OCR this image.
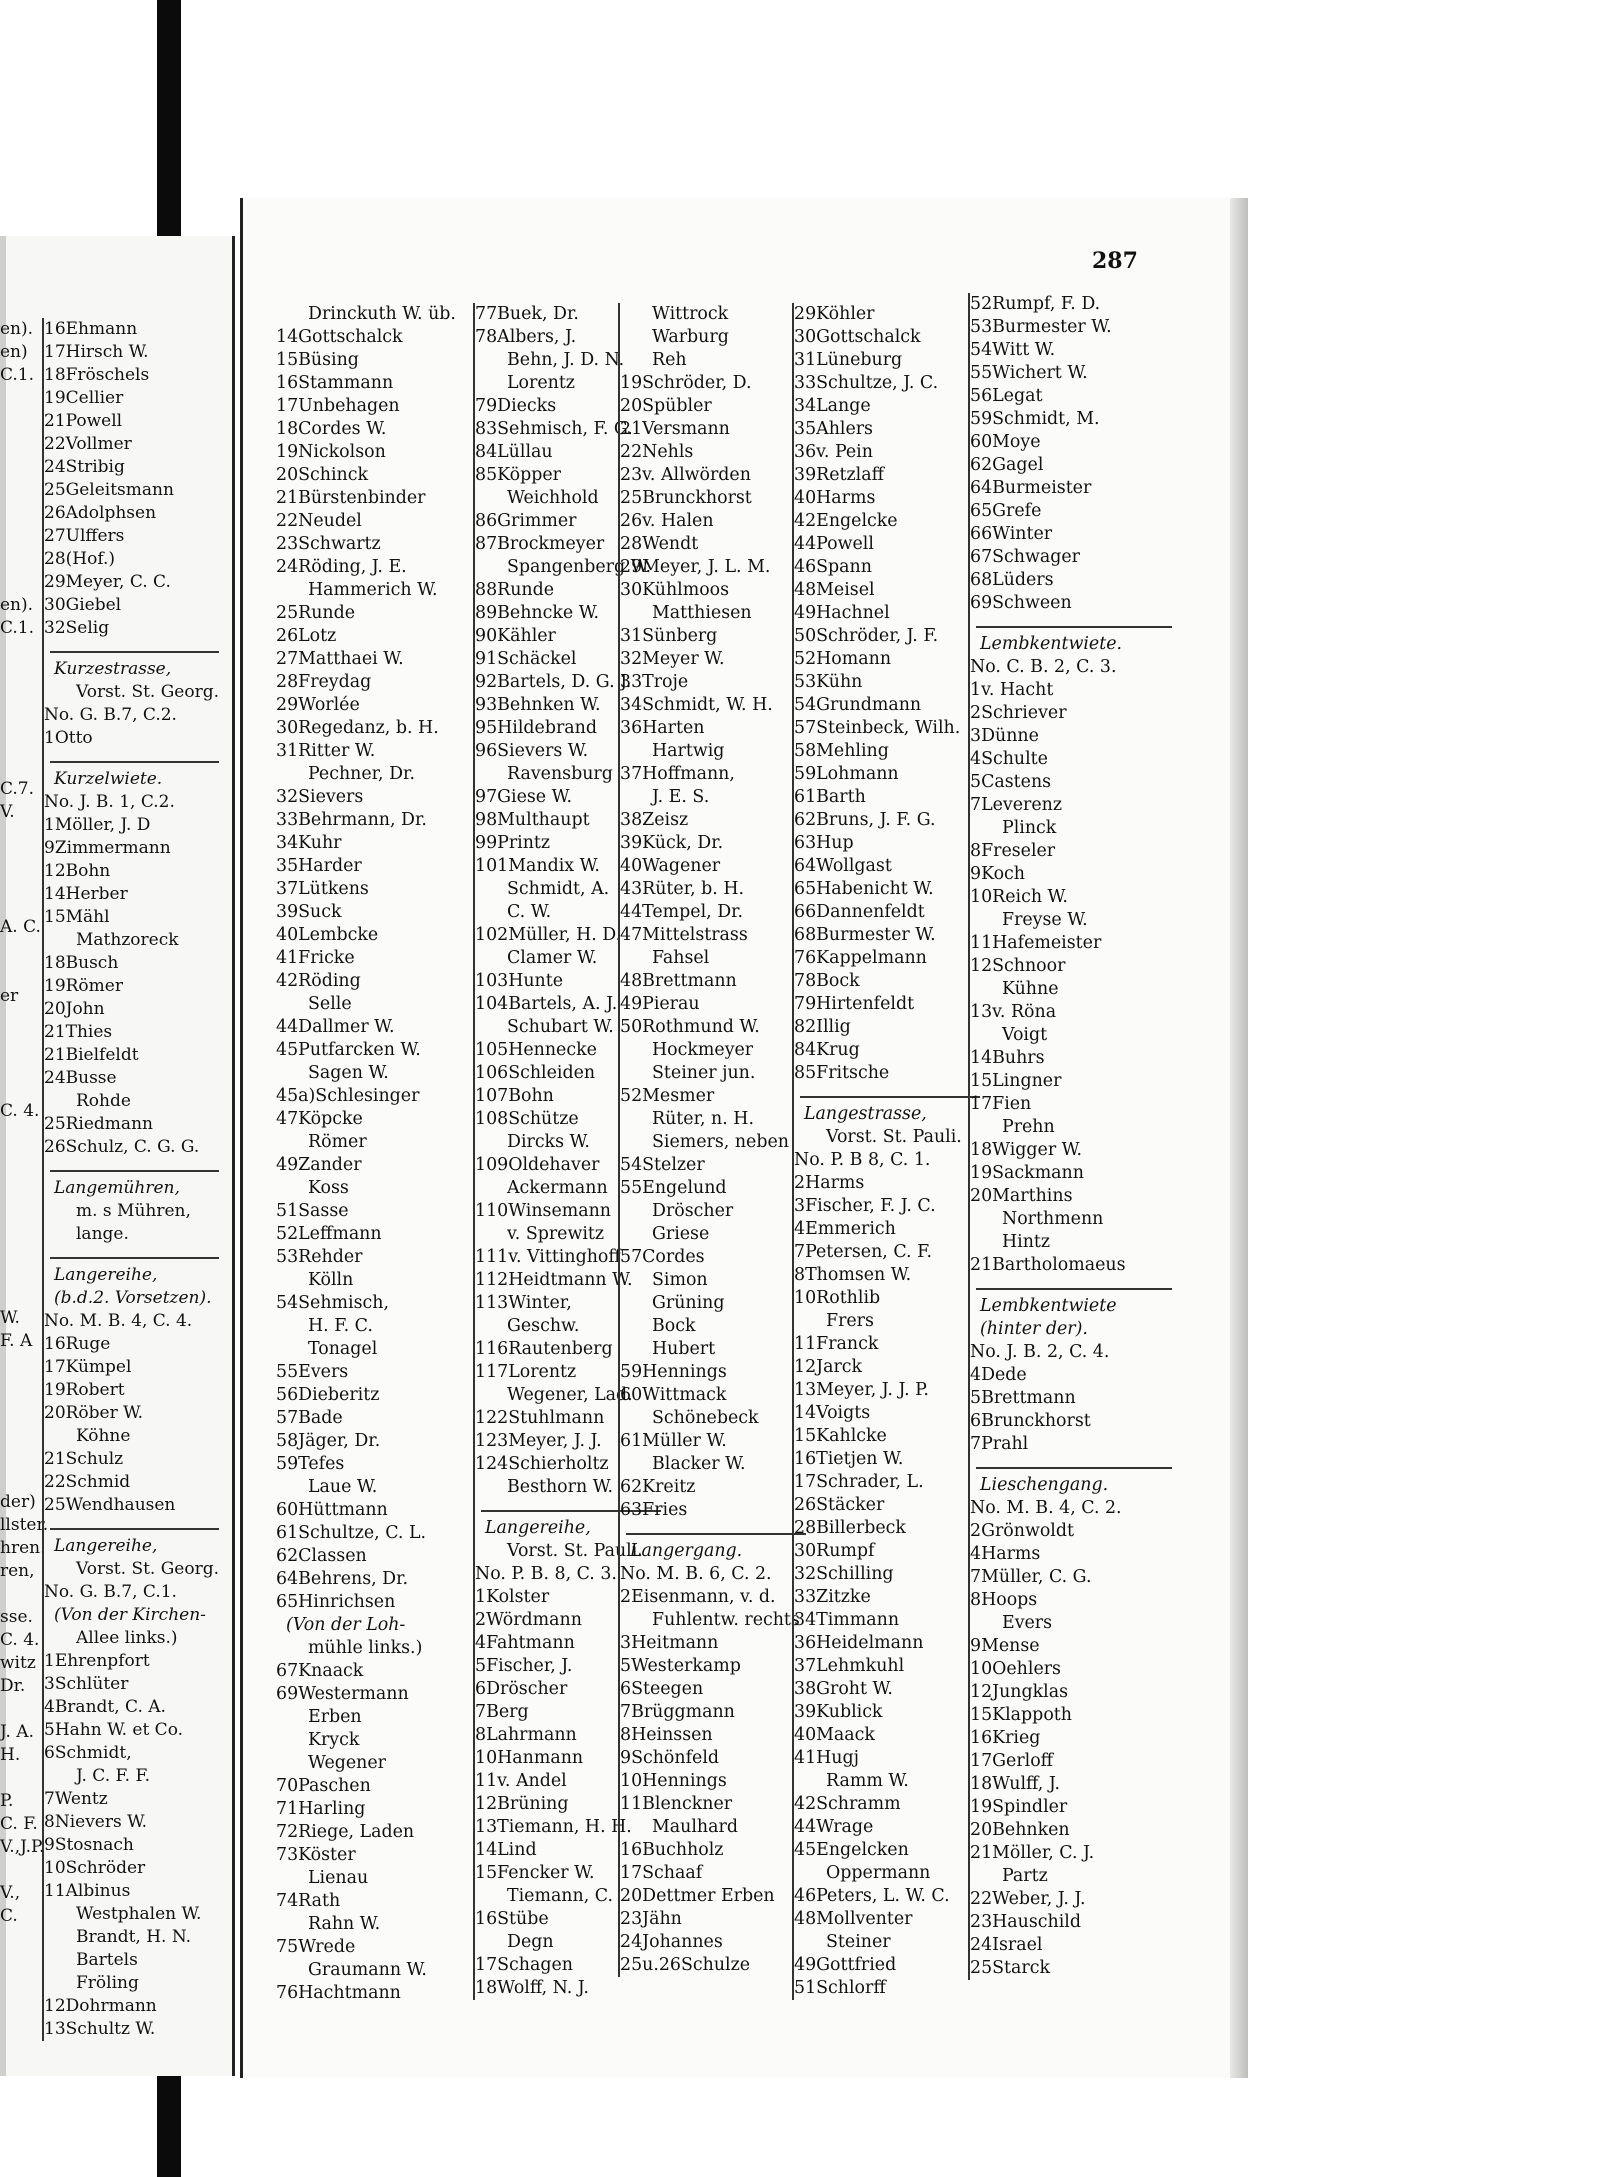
en).
en)
C.1.
en).
C.1.
C.7.
V.
A. C.
er
C. 4.
W.
F. A
der)
llster.
hren.
ren,
sse.
C. 4.
witz
Dr.
J. A.
H.
P.
C. F.
V.,J.P.
V.,
C.
16Ehmann
17Hirsch W.
18Fröschels
19Cellier
21Powell
22Vollmer
24Stribig
25Geleitsmann
26Adolphsen
27Ulffers
28(Hof.)
29Meyer, C. C.
30Giebel
32Selig
Kurzestrasse,
Vorst. St. Georg.
No. G. B.7, C.2.
1Otto
Kurzelwiete.
No. J. B. 1, C.2.
1Möller, J. D
9Zimmermann
12Bohn
14Herber
15Mähl
Mathzoreck
18Busch
19Römer
20John
21Thies
21Bielfeldt
24Busse
Rohde
25Riedmann
26Schulz, C. G. G.
Langemühren,
m. s Mühren,
lange.
Langereihe,
(b.d.2. Vorsetzen).
No. M. B. 4, C. 4.
16Ruge
17Kümpel
19Robert
20Röber W.
Köhne
21Schulz
22Schmid
25Wendhausen
Langereihe,
Vorst. St. Georg.
No. G. B.7, C.1.
(Von der Kirchen-
Allee links.)
1Ehrenpfort
3Schlüter
4Brandt, C. A.
5Hahn W. et Co.
6Schmidt,
J. C. F. F.
7Wentz
8Nievers W.
9Stosnach
10Schröder
11Albinus
Westphalen W.
Brandt, H. N.
Bartels
Fröling
12Dohrmann
13Schultz W.
287
Drinckuth W. üb.
14Gottschalck
15Büsing
16Stammann
17Unbehagen
18Cordes W.
19Nickolson
20Schinck
21Bürstenbinder
22Neudel
23Schwartz
24Röding, J. E.
Hammerich W.
25Runde
26Lotz
27Matthaei W.
28Freydag
29Worlée
30Regedanz, b. H.
31Ritter W.
Pechner, Dr.
32Sievers
33Behrmann, Dr.
34Kuhr
35Harder
37Lütkens
39Suck
40Lembcke
41Fricke
42Röding
Selle
44Dallmer W.
45Putfarcken W.
Sagen W.
45a)Schlesinger
47Köpcke
Römer
49Zander
Koss
51Sasse
52Leffmann
53Rehder
Kölln
54Sehmisch,
H. F. C.
Tonagel
55Evers
56Dieberitz
57Bade
58Jäger, Dr.
59Tefes
Laue W.
60Hüttmann
61Schultze, C. L.
62Classen
64Behrens, Dr.
65Hinrichsen
(Von der Loh-
mühle links.)
67Knaack
69Westermann
Erben
Kryck
Wegener
70Paschen
71Harling
72Riege, Laden
73Köster
Lienau
74Rath
Rahn W.
75Wrede
Graumann W.
76Hachtmann
77Buek, Dr.
78Albers, J.
Behn, J. D. N.
Lorentz
79Diecks
83Sehmisch, F. G.
84Lüllau
85Köpper
Weichhold
86Grimmer
87Brockmeyer
Spangenberg W.
88Runde
89Behncke W.
90Kähler
91Schäckel
92Bartels, D. G. J.
93Behnken W.
95Hildebrand
96Sievers W.
Ravensburg
97Giese W.
98Multhaupt
99Printz
101Mandix W.
Schmidt, A.
C. W.
102Müller, H. D.
Clamer W.
103Hunte
104Bartels, A. J.
Schubart W.
105Hennecke
106Schleiden
107Bohn
108Schütze
Dircks W.
109Oldehaver
Ackermann
110Winsemann
v. Sprewitz
111v. Vittinghoff
112Heidtmann W.
113Winter,
Geschw.
116Rautenberg
117Lorentz
Wegener, Lad.
122Stuhlmann
123Meyer, J. J.
124Schierholtz
Besthorn W.
Langereihe,
Vorst. St. Pauli.
No. P. B. 8, C. 3.
1Kolster
2Wördmann
4Fahtmann
5Fischer, J.
6Dröscher
7Berg
8Lahrmann
10Hanmann
11v. Andel
12Brüning
13Tiemann, H. H.
14Lind
15Fencker W.
Tiemann, C.
16Stübe
Degn
17Schagen
18Wolff, N. J.
Wittrock
Warburg
Reh
19Schröder, D.
20Spübler
21Versmann
22Nehls
23v. Allwörden
25Brunckhorst
26v. Halen
28Wendt
29Meyer, J. L. M.
30Kühlmoos
Matthiesen
31Sünberg
32Meyer W.
33Troje
34Schmidt, W. H.
36Harten
Hartwig
37Hoffmann,
J. E. S.
38Zeisz
39Kück, Dr.
40Wagener
43Rüter, b. H.
44Tempel, Dr.
47Mittelstrass
Fahsel
48Brettmann
49Pierau
50Rothmund W.
Hockmeyer
Steiner jun.
52Mesmer
Rüter, n. H.
Siemers, neben
54Stelzer
55Engelund
Dröscher
Griese
57Cordes
Simon
Grüning
Bock
Hubert
59Hennings
60Wittmack
Schönebeck
61Müller W.
Blacker W.
62Kreitz
63Fries
Langergang.
No. M. B. 6, C. 2.
2Eisenmann, v. d.
Fuhlentw. rechts
3Heitmann
5Westerkamp
6Steegen
7Brüggmann
8Heinssen
9Schönfeld
10Hennings
11Blenckner
Maulhard
16Buchholz
17Schaaf
20Dettmer Erben
23Jähn
24Johannes
25u.26Schulze
29Köhler
30Gottschalck
31Lüneburg
33Schultze, J. C.
34Lange
35Ahlers
36v. Pein
39Retzlaff
40Harms
42Engelcke
44Powell
46Spann
48Meisel
49Hachnel
50Schröder, J. F.
52Homann
53Kühn
54Grundmann
57Steinbeck, Wilh.
58Mehling
59Lohmann
61Barth
62Bruns, J. F. G.
63Hup
64Wollgast
65Habenicht W.
66Dannenfeldt
68Burmester W.
76Kappelmann
78Bock
79Hirtenfeldt
82Illig
84Krug
85Fritsche
Langestrasse,
Vorst. St. Pauli.
No. P. B 8, C. 1.
2Harms
3Fischer, F. J. C.
4Emmerich
7Petersen, C. F.
8Thomsen W.
10Rothlib
Frers
11Franck
12Jarck
13Meyer, J. J. P.
14Voigts
15Kahlcke
16Tietjen W.
17Schrader, L.
26Stäcker
28Billerbeck
30Rumpf
32Schilling
33Zitzke
34Timmann
36Heidelmann
37Lehmkuhl
38Groht W.
39Kublick
40Maack
41Hugj
Ramm W.
42Schramm
44Wrage
45Engelcken
Oppermann
46Peters, L. W. C.
48Mollventer
Steiner
49Gottfried
51Schlorff
52Rumpf, F. D.
53Burmester W.
54Witt W.
55Wichert W.
56Legat
59Schmidt, M.
60Moye
62Gagel
64Burmeister
65Grefe
66Winter
67Schwager
68Lüders
69Schween
Lembkentwiete.
No. C. B. 2, C. 3.
1v. Hacht
2Schriever
3Dünne
4Schulte
5Castens
7Leverenz
Plinck
8Freseler
9Koch
10Reich W.
Freyse W.
11Hafemeister
12Schnoor
Kühne
13v. Röna
Voigt
14Buhrs
15Lingner
17Fien
Prehn
18Wigger W.
19Sackmann
20Marthins
Northmenn
Hintz
21Bartholomaeus
Lembkentwiete
(hinter der).
No. J. B. 2, C. 4.
4Dede
5Brettmann
6Brunckhorst
7Prahl
Lieschengang.
No. M. B. 4, C. 2.
2Grönwoldt
4Harms
7Müller, C. G.
8Hoops
Evers
9Mense
10Oehlers
12Jungklas
15Klappoth
16Krieg
17Gerloff
18Wulff, J.
19Spindler
20Behnken
21Möller, C. J.
Partz
22Weber, J. J.
23Hauschild
24Israel
25Starck
